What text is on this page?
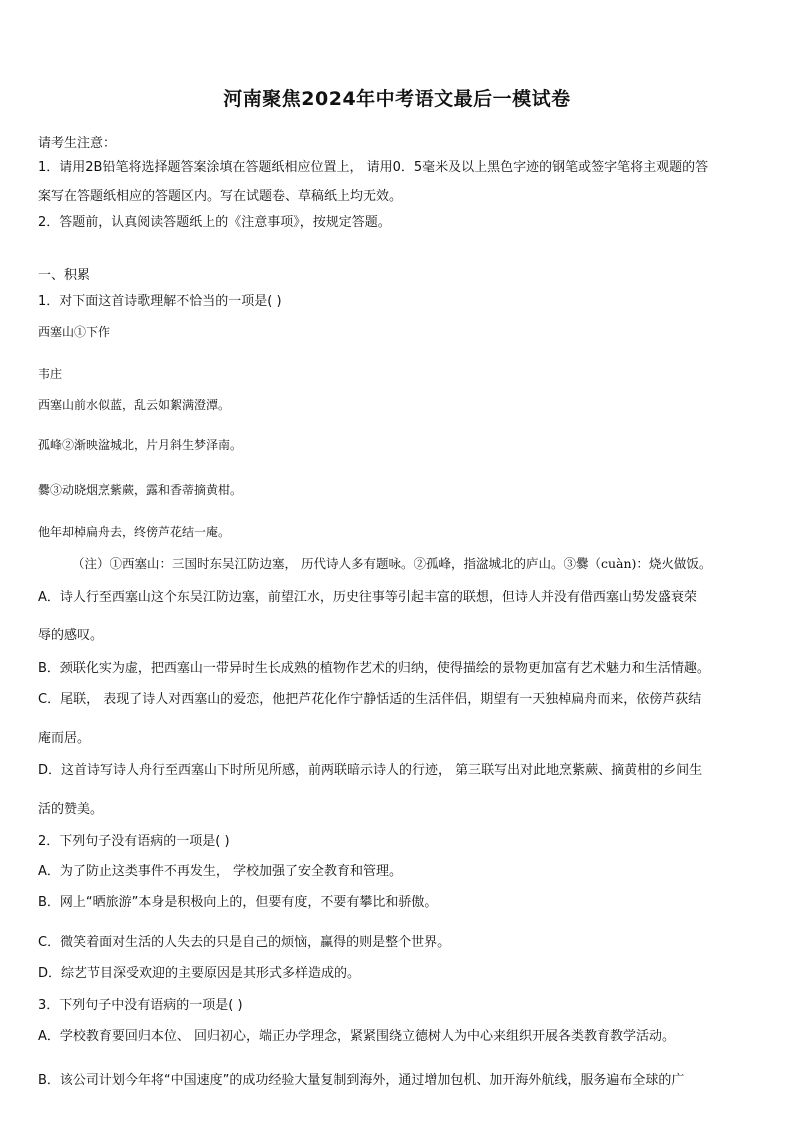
河南聚焦2024年中考语文最后一模试卷
请考生注意：
1．请用2B铅笔将选择题答案涂填在答题纸相应位置上， 请用0．5毫米及以上黑色字迹的钢笔或签字笔将主观题的答
案写在答题纸相应的答题区内。写在试题卷、草稿纸上均无效。
2．答题前，认真阅读答题纸上的《注意事项》，按规定答题。
一、积累
1．对下面这首诗歌理解不恰当的一项是( )
西塞山①下作
韦庄
西塞山前水似蓝，乱云如絮满澄潭。
孤峰②渐映湓城北，片月斜生梦泽南。
爨③动晓烟烹紫蕨，露和香蒂摘黄柑。
他年却棹扁舟去，终傍芦花结一庵。
（注）①西塞山：三国时东吴江防边塞， 历代诗人多有题咏。②孤峰，指湓城北的庐山。③爨（cuàn)：烧火做饭。
A．诗人行至西塞山这个东吴江防边塞，前望江水，历史往事等引起丰富的联想，但诗人并没有借西塞山势发盛衰荣
辱的感叹。
B．颈联化实为虚，把西塞山一带异时生长成熟的植物作艺术的归纳，使得描绘的景物更加富有艺术魅力和生活情趣。
C．尾联， 表现了诗人对西塞山的爱恋，他把芦花化作宁静恬适的生活伴侣，期望有一天独棹扁舟而来，依傍芦荻结
庵而居。
D．这首诗写诗人舟行至西塞山下时所见所感，前两联暗示诗人的行迹， 第三联写出对此地烹紫蕨、摘黄柑的乡间生
活的赞美。
2．下列句子没有语病的一项是( )
A．为了防止这类事件不再发生， 学校加强了安全教育和管理。
B．网上“晒旅游”本身是积极向上的，但要有度，不要有攀比和骄傲。
C．微笑着面对生活的人失去的只是自己的烦恼，赢得的则是整个世界。
D．综艺节目深受欢迎的主要原因是其形式多样造成的。
3．下列句子中没有语病的一项是( )
A．学校教育要回归本位、 回归初心，端正办学理念，紧紧围绕立德树人为中心来组织开展各类教育教学活动。
B．该公司计划今年将“中国速度”的成功经验大量复制到海外，通过增加包机、加开海外航线，服务遍布全球的广
